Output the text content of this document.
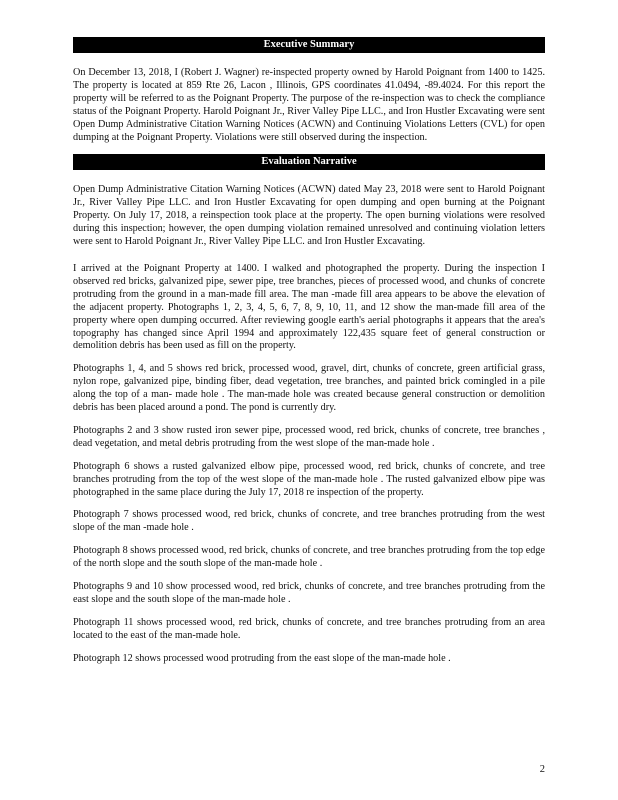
Executive Summary

On December 13, 2018, I (Robert J. Wagner) re-inspected property owned by Harold Poignant from 1400 to 1425. The property is located at 859 Rte 26, Lacon , Illinois, GPS coordinates 41.0494, -89.4024. For this report the property will be referred to as the Poignant Property. The purpose of the re-inspection was to check the compliance status of the Poignant Property. Harold Poignant Jr., River Valley Pipe LLC., and Iron Hustler Excavating were sent Open Dump Administrative Citation Warning Notices (ACWN) and Continuing Violations Letters (CVL) for open dumping at the Poignant Property. Violations were still observed during the inspection.

Evaluation Narrative

Open Dump Administrative Citation Warning Notices (ACWN) dated May 23, 2018 were sent to Harold Poignant Jr., River Valley Pipe LLC. and Iron Hustler Excavating for open dumping and open burning at the Poignant Property. On July 17, 2018, a reinspection took place at the property. The open burning violations were resolved during this inspection; however, the open dumping violation remained unresolved and continuing violation letters were sent to Harold Poignant Jr., River Valley Pipe LLC. and Iron Hustler Excavating.

I arrived at the Poignant Property at 1400. I walked and photographed the property. During the inspection I observed red bricks, galvanized pipe, sewer pipe, tree branches, pieces of processed wood, and chunks of concrete protruding from the ground in a man-made fill area. The man -made fill area appears to be above the elevation of the adjacent property. Photographs 1, 2, 3, 4, 5, 6, 7, 8, 9, 10, 11, and 12 show the man-made fill area of the property where open dumping occurred. After reviewing google earth's aerial photographs it appears that the area's topography has changed since April 1994 and approximately 122,435 square feet of general construction or demolition debris has been used as fill on the property.

Photographs 1, 4, and 5 shows red brick, processed wood, gravel, dirt, chunks of concrete, green artificial grass, nylon rope, galvanized pipe, binding fiber, dead vegetation, tree branches, and painted brick comingled in a pile along the top of a man- made hole . The man-made hole was created because general construction or demolition debris has been placed around a pond. The pond is currently dry.

Photographs 2 and 3 show rusted iron sewer pipe, processed wood, red brick, chunks of concrete, tree branches , dead vegetation, and metal debris protruding from the west slope of the man-made hole .

Photograph 6 shows a rusted galvanized elbow pipe, processed wood, red brick, chunks of concrete, and tree branches protruding from the top of the west slope of the man-made hole . The rusted galvanized elbow pipe was photographed in the same place during the July 17, 2018 re inspection of the property.

Photograph 7 shows processed wood, red brick, chunks of concrete, and tree branches protruding from the west slope of the man -made hole .

Photograph 8 shows processed wood, red brick, chunks of concrete, and tree branches protruding from the top edge of the north slope and the south slope of the man-made hole .

Photographs 9 and 10 show processed wood, red brick, chunks of concrete, and tree branches protruding from the east slope and the south slope of the man-made hole .

Photograph 11 shows processed wood, red brick, chunks of concrete, and tree branches protruding from an area located to the east of the man-made hole.

Photograph 12 shows processed wood protruding from the east slope of the man-made hole .

2
